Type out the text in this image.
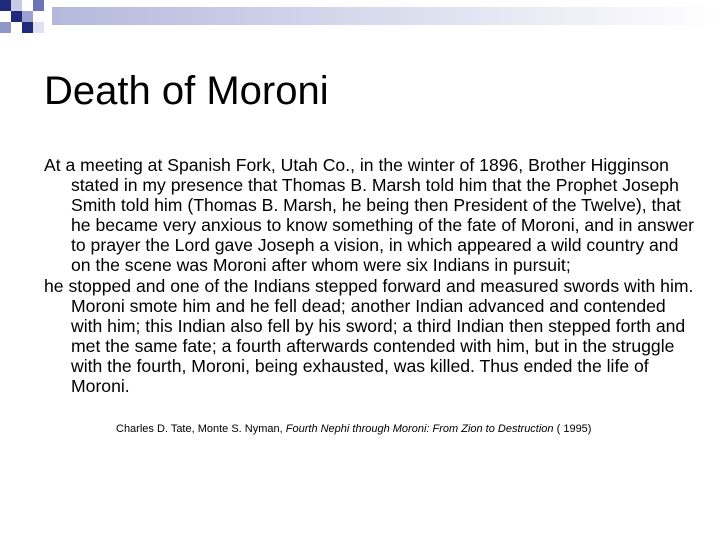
Death of Moroni

At a meeting at Spanish Fork, Utah Co., in the winter of 1896, Brother Higginson stated in my presence that Thomas B. Marsh told him that the Prophet Joseph Smith told him (Thomas B. Marsh, he being then President of the Twelve), that he became very anxious to know something of the fate of Moroni, and in answer to prayer the Lord gave Joseph a vision, in which appeared a wild country and on the scene was Moroni after whom were six Indians in pursuit;

he stopped and one of the Indians stepped forward and measured swords with him. Moroni smote him and he fell dead; another Indian advanced and contended with him; this Indian also fell by his sword; a third Indian then stepped forth and met the same fate; a fourth afterwards contended with him, but in the struggle with the fourth, Moroni, being exhausted, was killed. Thus ended the life of Moroni.

Charles D. Tate, Monte S. Nyman, Fourth Nephi through Moroni: From Zion to Destruction ( 1995)
